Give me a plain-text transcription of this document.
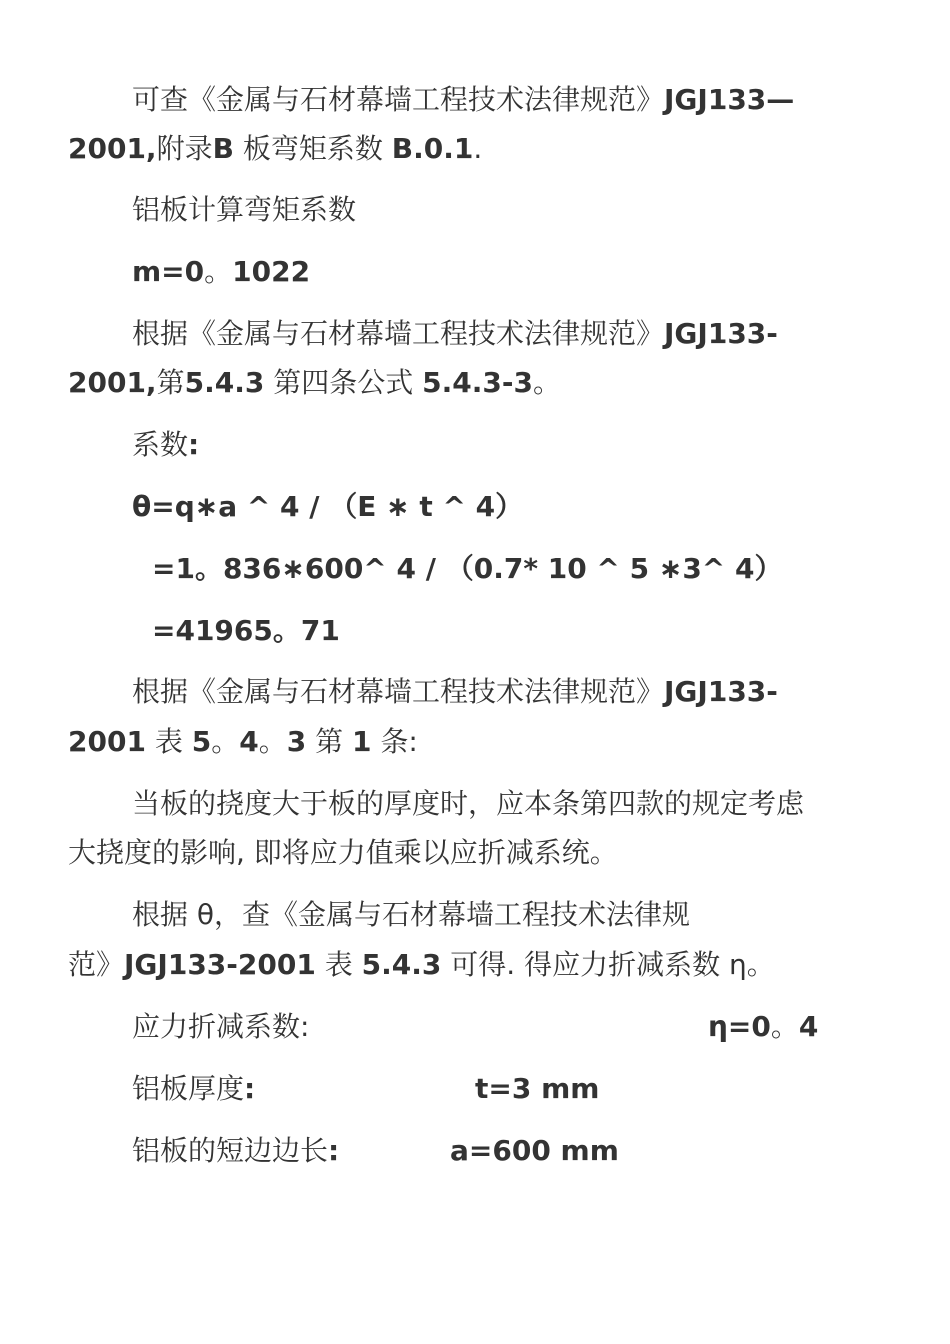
可查《金属与石材幕墙工程技术法律规范》JGJ133—
2001,附录B 板弯矩系数 B.0.1.
铝板计算弯矩系数
m=0。1022
根据《金属与石材幕墙工程技术法律规范》JGJ133-
2001,第5.4.3 第四条公式 5.4.3-3。
系数:
θ=q∗a ^ 4 / （E ∗ t ^ 4）
=1。836∗600^ 4 / （0.7* 10 ^ 5 ∗3^ 4）
=41965。71
根据《金属与石材幕墙工程技术法律规范》JGJ133-
2001 表 5。4。3 第 1 条:
当板的挠度大于板的厚度时，应本条第四款的规定考虑
大挠度的影响, 即将应力值乘以应折减系统。
根据 θ，查《金属与石材幕墙工程技术法律规
范》JGJ133-2001 表 5.4.3 可得. 得应力折减系数 η。
应力折减系数:	η=0。4
铝板厚度:	t=3 mm
铝板的短边边长:	a=600 mm
